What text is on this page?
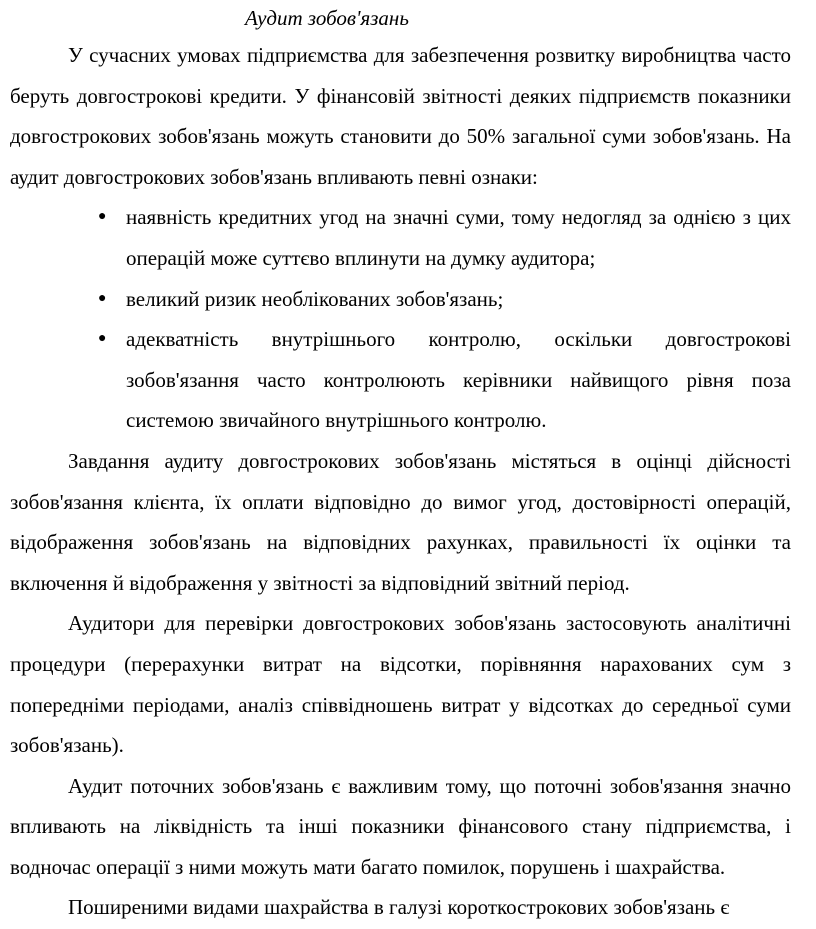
Аудит зобов'язань

У сучасних умовах підприємства для забезпечення розвитку виробництва часто беруть довгострокові кредити. У фінансовій звітності деяких підприємств показники довгострокових зобов'язань можуть становити до 50% загальної суми зобов'язань. На аудит довгострокових зобов'язань впливають певні ознаки:

● наявність кредитних угод на значні суми, тому недогляд за однією з цих операцій може суттєво вплинути на думку аудитора;
● великий ризик необлікованих зобов'язань;
● адекватність внутрішнього контролю, оскільки довгострокові зобов'язання часто контролюють керівники найвищого рівня поза системою звичайного внутрішнього контролю.

Завдання аудиту довгострокових зобов'язань містяться в оцінці дійсності зобов'язання клієнта, їх оплати відповідно до вимог угод, достовірності операцій, відображення зобов'язань на відповідних рахунках, правильності їх оцінки та включення й відображення у звітності за відповідний звітний період.

Аудитори для перевірки довгострокових зобов'язань застосовують аналітичні процедури (перерахунки витрат на відсотки, порівняння нарахованих сум з попередніми періодами, аналіз співвідношень витрат у відсотках до середньої суми зобов'язань).

Аудит поточних зобов'язань є важливим тому, що поточні зобов'язання значно впливають на ліквідність та інші показники фінансового стану підприємства, і водночас операції з ними можуть мати багато помилок, порушень і шахрайства.

Поширеними видами шахрайства в галузі короткострокових зобов'язань є
